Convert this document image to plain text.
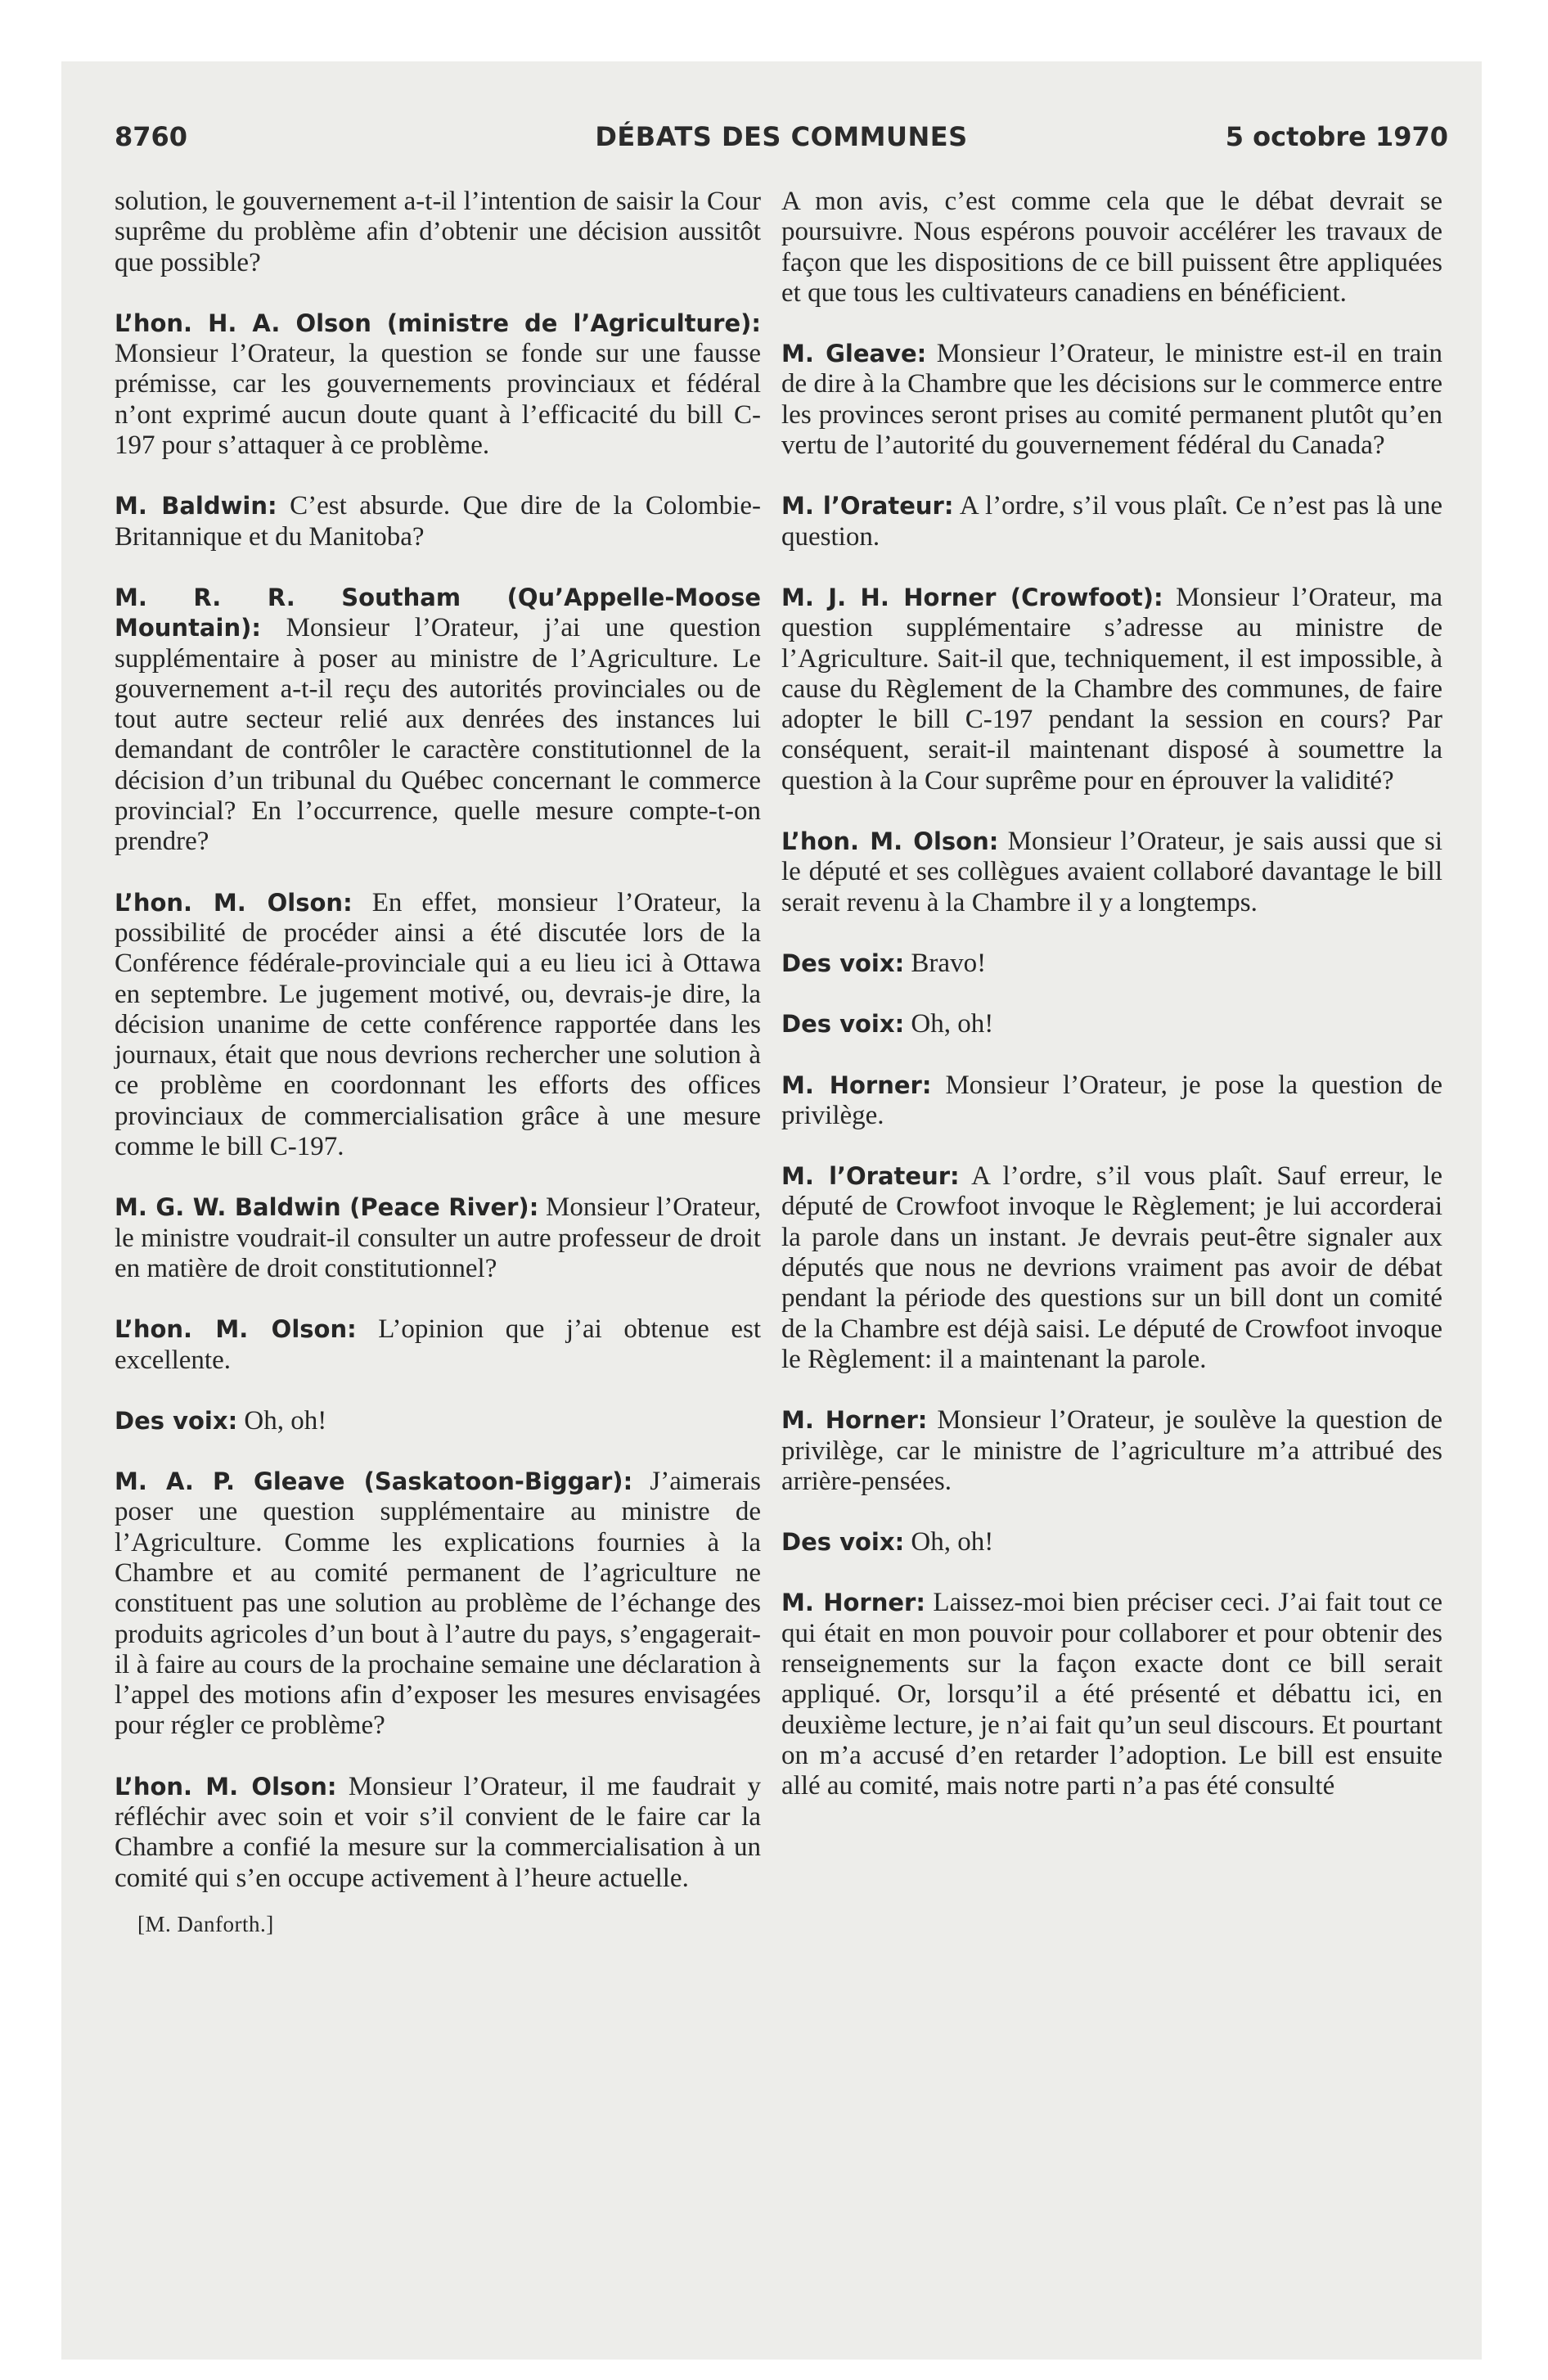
8760	DÉBATS DES COMMUNES	5 octobre 1970

solution, le gouvernement a-t-il l’intention de saisir la Cour suprême du problème afin d’obtenir une décision aussitôt que possible?

L’hon. H. A. Olson (ministre de l’Agriculture): Monsieur l’Orateur, la question se fonde sur une fausse prémisse, car les gouvernements provinciaux et fédéral n’ont exprimé aucun doute quant à l’efficacité du bill C-197 pour s’attaquer à ce problème.

M. Baldwin: C’est absurde. Que dire de la Colombie-Britannique et du Manitoba?

M. R. R. Southam (Qu’Appelle-Moose Mountain): Monsieur l’Orateur, j’ai une question supplémentaire à poser au ministre de l’Agriculture. Le gouvernement a-t-il reçu des autorités provinciales ou de tout autre secteur relié aux denrées des instances lui demandant de contrôler le caractère constitutionnel de la décision d’un tribunal du Québec concernant le commerce provincial? En l’occurrence, quelle mesure compte-t-on prendre?

L’hon. M. Olson: En effet, monsieur l’Orateur, la possibilité de procéder ainsi a été discutée lors de la Conférence fédérale-provinciale qui a eu lieu ici à Ottawa en septembre. Le jugement motivé, ou, devrais-je dire, la décision unanime de cette conférence rapportée dans les journaux, était que nous devrions rechercher une solution à ce problème en coordonnant les efforts des offices provinciaux de commercialisation grâce à une mesure comme le bill C-197.

M. G. W. Baldwin (Peace River): Monsieur l’Orateur, le ministre voudrait-il consulter un autre professeur de droit en matière de droit constitutionnel?

L’hon. M. Olson: L’opinion que j’ai obtenue est excellente.

Des voix: Oh, oh!

M. A. P. Gleave (Saskatoon-Biggar): J’aimerais poser une question supplémentaire au ministre de l’Agriculture. Comme les explications fournies à la Chambre et au comité permanent de l’agriculture ne constituent pas une solution au problème de l’échange des produits agricoles d’un bout à l’autre du pays, s’engagerait-il à faire au cours de la prochaine semaine une déclaration à l’appel des motions afin d’exposer les mesures envisagées pour régler ce problème?

L’hon. M. Olson: Monsieur l’Orateur, il me faudrait y réfléchir avec soin et voir s’il convient de le faire car la Chambre a confié la mesure sur la commercialisation à un comité qui s’en occupe activement à l’heure actuelle.

[M. Danforth.]

A mon avis, c’est comme cela que le débat devrait se poursuivre. Nous espérons pouvoir accélérer les travaux de façon que les dispositions de ce bill puissent être appliquées et que tous les cultivateurs canadiens en bénéficient.

M. Gleave: Monsieur l’Orateur, le ministre est-il en train de dire à la Chambre que les décisions sur le commerce entre les provinces seront prises au comité permanent plutôt qu’en vertu de l’autorité du gouvernement fédéral du Canada?

M. l’Orateur: A l’ordre, s’il vous plaît. Ce n’est pas là une question.

M. J. H. Horner (Crowfoot): Monsieur l’Orateur, ma question supplémentaire s’adresse au ministre de l’Agriculture. Sait-il que, techniquement, il est impossible, à cause du Règlement de la Chambre des communes, de faire adopter le bill C-197 pendant la session en cours? Par conséquent, serait-il maintenant disposé à soumettre la question à la Cour suprême pour en éprouver la validité?

L’hon. M. Olson: Monsieur l’Orateur, je sais aussi que si le député et ses collègues avaient collaboré davantage le bill serait revenu à la Chambre il y a longtemps.

Des voix: Bravo!

Des voix: Oh, oh!

M. Horner: Monsieur l’Orateur, je pose la question de privilège.

M. l’Orateur: A l’ordre, s’il vous plaît. Sauf erreur, le député de Crowfoot invoque le Règlement; je lui accorderai la parole dans un instant. Je devrais peut-être signaler aux députés que nous ne devrions vraiment pas avoir de débat pendant la période des questions sur un bill dont un comité de la Chambre est déjà saisi. Le député de Crowfoot invoque le Règlement: il a maintenant la parole.

M. Horner: Monsieur l’Orateur, je soulève la question de privilège, car le ministre de l’agriculture m’a attribué des arrière-pensées.

Des voix: Oh, oh!

M. Horner: Laissez-moi bien préciser ceci. J’ai fait tout ce qui était en mon pouvoir pour collaborer et pour obtenir des renseignements sur la façon exacte dont ce bill serait appliqué. Or, lorsqu’il a été présenté et débattu ici, en deuxième lecture, je n’ai fait qu’un seul discours. Et pourtant on m’a accusé d’en retarder l’adoption. Le bill est ensuite allé au comité, mais notre parti n’a pas été consulté
